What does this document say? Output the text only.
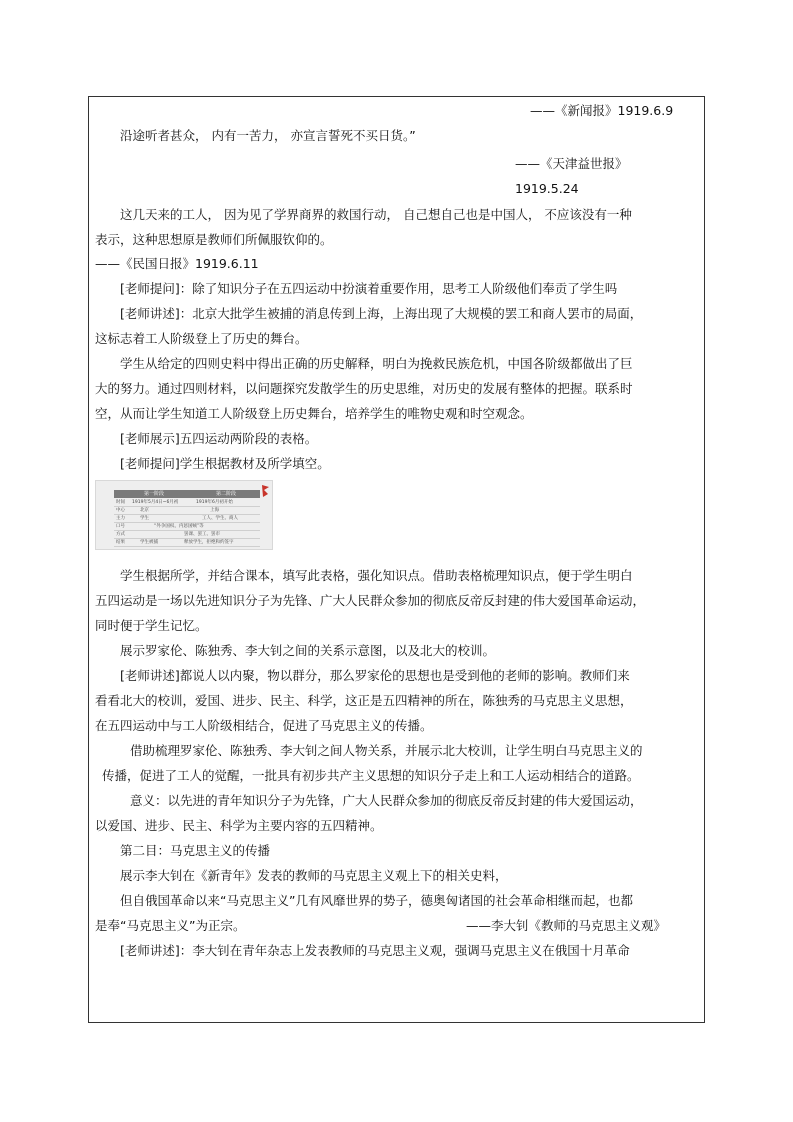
——《新闻报》1919.6.9
沿途听者甚众， 内有一苦力， 亦宣言誓死不买日货。”
——《天津益世报》
1919.5.24
这几天来的工人， 因为见了学界商界的救国行动， 自己想自己也是中国人， 不应该没有一种
表示，这种思想原是教师们所佩服钦仰的。
——《民国日报》1919.6.11
[老师提问]：除了知识分子在五四运动中扮演着重要作用，思考工人阶级他们奉贡了学生吗
[老师讲述]：北京大批学生被捕的消息传到上海，上海出现了大规模的罢工和商人罢市的局面，
这标志着工人阶级登上了历史的舞台。
学生从给定的四则史料中得出正确的历史解释，明白为挽救民族危机，中国各阶级都做出了巨
大的努力。通过四则材料，以问题探究发散学生的历史思维，对历史的发展有整体的把握。联系时
空，从而让学生知道工人阶级登上历史舞台，培养学生的唯物史观和时空观念。
[老师展示]五四运动两阶段的表格。
[老师提问]学生根据教材及所学填空。
第一阶段	第二阶段
时间 1919年5月4日~6月初	1919年6月初开始
中心	北京	上海
主力	学生	工人、学生、商人
口号	“外争国权、内惩国贼”等
方式	罢课、罢工、罢市
结果	学生被捕	释放学生，拒绝和约签字
学生根据所学，并结合课本，填写此表格，强化知识点。借助表格梳理知识点，便于学生明白
五四运动是一场以先进知识分子为先锋、广大人民群众参加的彻底反帝反封建的伟大爱国革命运动，
同时便于学生记忆。
展示罗家伦、陈独秀、李大钊之间的关系示意图，以及北大的校训。
[老师讲述]都说人以内聚，物以群分，那么罗家伦的思想也是受到他的老师的影响。教师们来
看看北大的校训，爱国、进步、民主、科学，这正是五四精神的所在，陈独秀的马克思主义思想，
在五四运动中与工人阶级相结合，促进了马克思主义的传播。
借助梳理罗家伦、陈独秀、李大钊之间人物关系，并展示北大校训，让学生明白马克思主义的
传播，促进了工人的觉醒，一批具有初步共产主义思想的知识分子走上和工人运动相结合的道路。
意义：以先进的青年知识分子为先锋，广大人民群众参加的彻底反帝反封建的伟大爱国运动，
以爱国、进步、民主、科学为主要内容的五四精神。
第二目：马克思主义的传播
展示李大钊在《新青年》发表的教师的马克思主义观上下的相关史料，
但自俄国革命以来“马克思主义”几有风靡世界的势子，德奥匈诸国的社会革命相继而起，也都
是奉“马克思主义”为正宗。	——李大钊《教师的马克思主义观》
[老师讲述]：李大钊在青年杂志上发表教师的马克思主义观，强调马克思主义在俄国十月革命
